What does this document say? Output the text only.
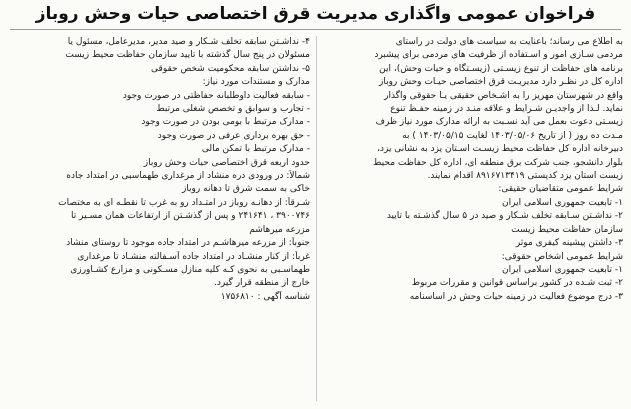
فراخوان عمومی واگذاری مدیریت قرق اختصاصی حیات وحش روباز
به اطلاع می رساند؛ باعنایت به سیاست های دولت در راستای
مردمی سـازی امور و اسـتفاده از ظرفیت های مردمی برای پیشبرد
برنامه های حفاظت از تنوع زیسـتی (زیسـتگاه و حیات وحش)، این
اداره کل در نظـر دارد مدیریـت قرق اختصاصی حیـات وحش روباز
واقع در شهرستان مهریز را به اشـخاص حقیقی یـا حقوقی واگذار
نماید. لـذا از واجدیـن شـرایط و علاقه منـد در زمینه حفـظ تنوع
زیسـتی دعوت بعمل می آید نسـبت به ارائه مدارک مورد نیاز ظرف
مـدت ده روز ( از تاریخ ۱۴۰۳/۰۵/۰۶ لغایت ۱۴۰۳/۰۵/۱۵ ) به
دبیرخانه اداره کل حفاظت محیط زیسـت اسـتان یزد به نشانی یزد،
بلوار دانشجو، جنب شرکت برق منطقه ای، اداره کل حفاظت محیط
زیست استان یزد کدپستی ۸۹۱۶۷۱۳۴۱۹ اقدام نمایند.
شرایط عمومی متقاضیان حقیقی:
۱- تابعیت جمهوری اسلامی ایران
۲- نداشـتن سـابقه تخلف شـکار و صید در ۵ سال گذشـته با تایید
سازمان حفاظت محیط زیست
۳- داشتن پیشینه کیفری موثر
شرایط عمومی اشخاص حقوقی:
۱- تابعیت جمهوری اسلامی ایران
۲- ثبت شـده در کشور براساس قوانین و مقررات مربوط
۳- درج موضوع فعالیت در زمینه حیات وحش در اساسنامه
۴- نداشـتن سابقه تخلف شـکار و صید مدیر، مدیرعامل، مسئول یا
مسئولان در پنج سال گذشته با تایید سازمان حفاظت محیط زیست
۵- نداشتن سابقه محکومیت شخص حقوقی
مدارک و مستندات مورد نیاز:
- سابقه فعالیت داوطلبانه حفاظتی در صورت وجود
- تجارب و سوابق و تخصص شغلی مرتبط
- مدارک مرتبط با بومی بودن در صورت وجود
- حق بهره برداری عرفی در صورت وجود
- مدارک مرتبط با تمکن مالی
حدود اربعه قرق اختصاصی حیات وحش روباز
شمالاً: در ورودی دره منشاد از مرغداری طهماسبی در امتداد جاده
خاکی به سمت شرق تا دهانه روباز
شـرقاً: از دهانـه روباز در امتـداد رو به غرب تا نقطـه ای به مختصات
۳۹۰۰۷۴۶ ، ۲۴۱۶۴۱ و پس از گذشـتن از ارتفاعات همان مسـیر تا
مزرعه میرهاشم
جنوباً: از مزرعه میرهاشـم در امتداد جاده موجود تا روستای منشاد
غرباً: از کنار منشـاد در امتداد جاده آسـفالته منشـاد تا مرغداری
طهماسـبی به نحوی کـه کلیه منازل مسـکونی و مزارع کشـاورزی
خارج از منطقه قرار گیرد.
شناسه آگهی : ۱۷۵۶۸۱۰
